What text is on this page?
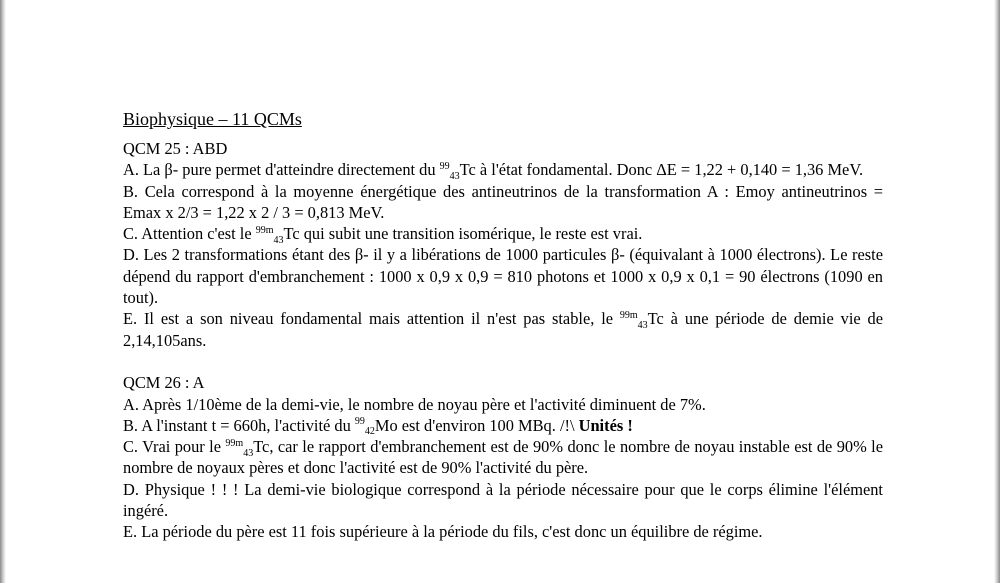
Biophysique – 11 QCMs

QCM 25 : ABD

A. La β- pure permet d'atteindre directement du $^{99}_{43}$Tc à l'état fondamental. Donc ΔE = 1,22 + 0,140 = 1,36 MeV.

B. Cela correspond à la moyenne énergétique des antineutrinos de la transformation A : Emoy antineutrinos = Emax x 2/3 = 1,22 x 2 / 3 = 0,813 MeV.

C. Attention c'est le $^{99m}_{43}$Tc qui subit une transition isomérique, le reste est vrai.

D. Les 2 transformations étant des β- il y a libérations de 1000 particules β- (équivalant à 1000 électrons). Le reste dépend du rapport d'embranchement : 1000 x 0,9 x 0,9 = 810 photons et 1000 x 0,9 x 0,1 = 90 électrons (1090 en tout).

E. Il est a son niveau fondamental mais attention il n'est pas stable, le $^{99m}_{43}$Tc à une période de demie vie de 2,14,105ans.

QCM 26 : A

A. Après 1/10ème de la demi-vie, le nombre de noyau père et l'activité diminuent de 7%.

B. A l'instant t = 660h, l'activité du $^{99}_{42}$Mo est d'environ 100 MBq. /!\ Unités !

C. Vrai pour le $^{99m}_{43}$Tc, car le rapport d'embranchement est de 90% donc le nombre de noyau instable est de 90% le nombre de noyaux pères et donc l'activité est de 90% l'activité du père.

D. Physique ! ! ! La demi-vie biologique correspond à la période nécessaire pour que le corps élimine l'élément ingéré.

E. La période du père est 11 fois supérieure à la période du fils, c'est donc un équilibre de régime.
